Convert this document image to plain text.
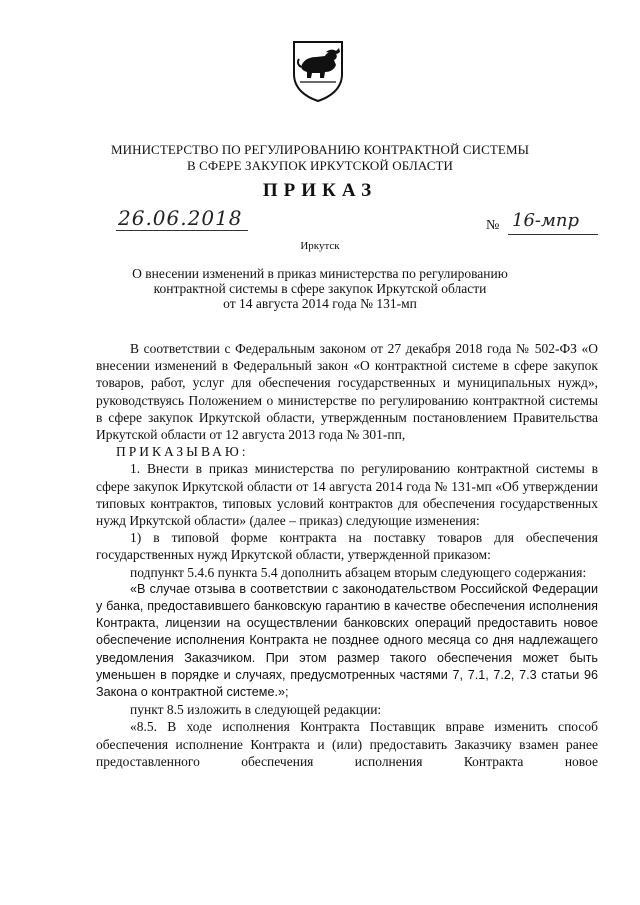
МИНИСТЕРСТВО ПО РЕГУЛИРОВАНИЮ КОНТРАКТНОЙ СИСТЕМЫ
В СФЕРЕ ЗАКУПОК ИРКУТСКОЙ ОБЛАСТИ
ПРИКАЗ
26.06.2018	№ 16-мпр
Иркутск
О внесении изменений в приказ министерства по регулированию
контрактной системы в сфере закупок Иркутской области
от 14 августа 2014 года № 131-мп

В соответствии с Федеральным законом от 27 декабря 2018 года № 502-ФЗ «О внесении изменений в Федеральный закон «О контрактной системе в сфере закупок товаров, работ, услуг для обеспечения государственных и муниципальных нужд», руководствуясь Положением о министерстве по регулированию контрактной системы в сфере закупок Иркутской области, утвержденным постановлением Правительства Иркутской области от 12 августа 2013 года № 301-пп,

ПРИКАЗЫВАЮ:

1. Внести в приказ министерства по регулированию контрактной системы в сфере закупок Иркутской области от 14 августа 2014 года № 131-мп «Об утверждении типовых контрактов, типовых условий контрактов для обеспечения государственных нужд Иркутской области» (далее – приказ) следующие изменения:

1) в типовой форме контракта на поставку товаров для обеспечения государственных нужд Иркутской области, утвержденной приказом:

подпункт 5.4.6 пункта 5.4 дополнить абзацем вторым следующего содержания:

«В случае отзыва в соответствии с законодательством Российской Федерации у банка, предоставившего банковскую гарантию в качестве обеспечения исполнения Контракта, лицензии на осуществлении банковских операций предоставить новое обеспечение исполнения Контракта не позднее одного месяца со дня надлежащего уведомления Заказчиком. При этом размер такого обеспечения может быть уменьшен в порядке и случаях, предусмотренных частями 7, 7.1, 7.2, 7.3 статьи 96 Закона о контрактной системе.»;

пункт 8.5 изложить в следующей редакции:

«8.5. В ходе исполнения Контракта Поставщик вправе изменить способ обеспечения исполнение Контракта и (или) предоставить Заказчику взамен ранее предоставленного обеспечения исполнения Контракта новое
